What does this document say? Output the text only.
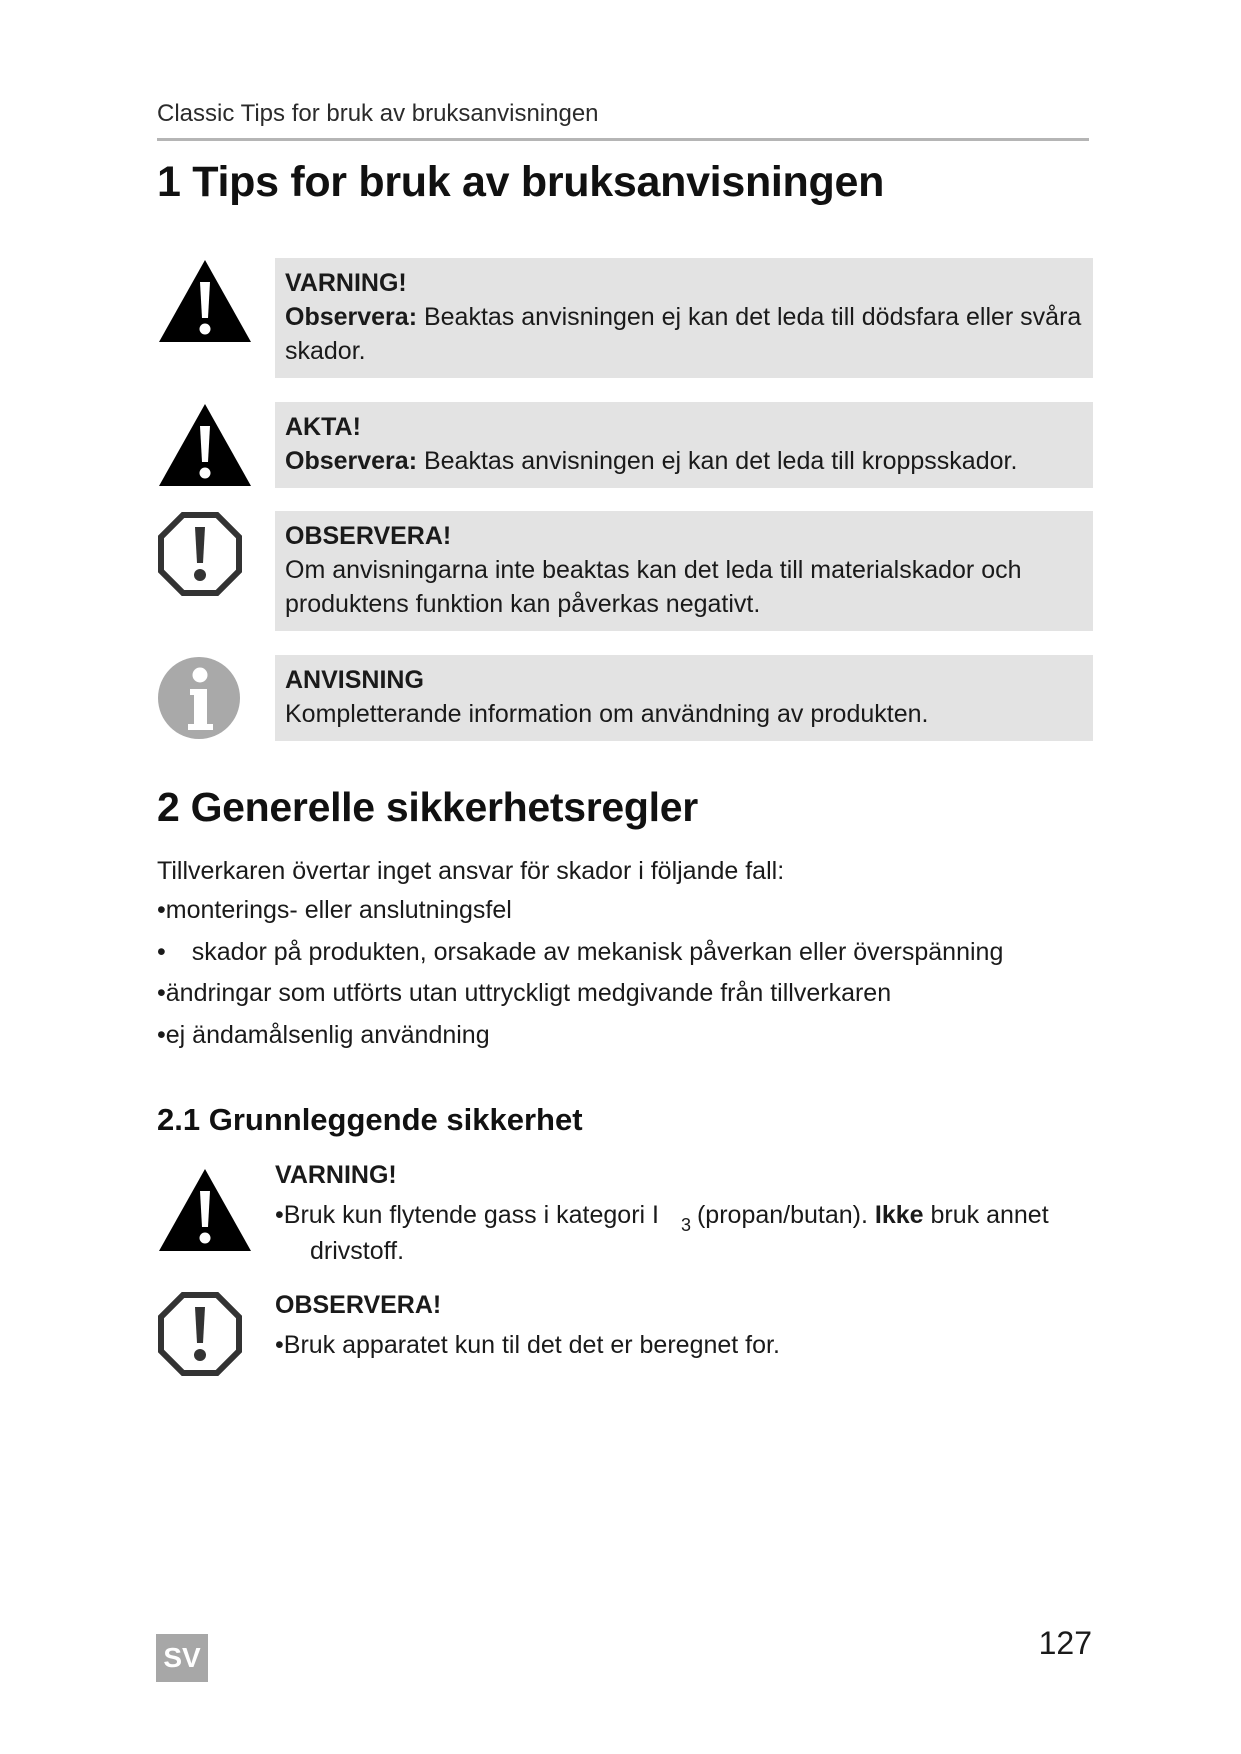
Classic Tips for bruk av bruksanvisningen
1 Tips for bruk av bruksanvisningen
VARNING!
Observera: Beaktas anvisningen ej kan det leda till dödsfara eller svåra skador.
AKTA!
Observera: Beaktas anvisningen ej kan det leda till kroppsskador.
OBSERVERA!
Om anvisningarna inte beaktas kan det leda till materialskador och produktens funktion kan påverkas negativt.
ANVISNING
Kompletterande information om användning av produkten.
2 Generelle sikkerhetsregler
Tillverkaren övertar inget ansvar för skador i följande fall:
•monterings- eller anslutningsfel
• skador på produkten, orsakade av mekanisk påverkan eller överspänning
•ändringar som utförts utan uttryckligt medgivande från tillverkaren
•ej ändamålsenlig användning
2.1 Grunnleggende sikkerhet
VARNING!
•Bruk kun flytende gass i kategori I $_3$ (propan/butan). Ikke bruk annet
drivstoff.
OBSERVERA!
•Bruk apparatet kun til det det er beregnet for.
SV	127
